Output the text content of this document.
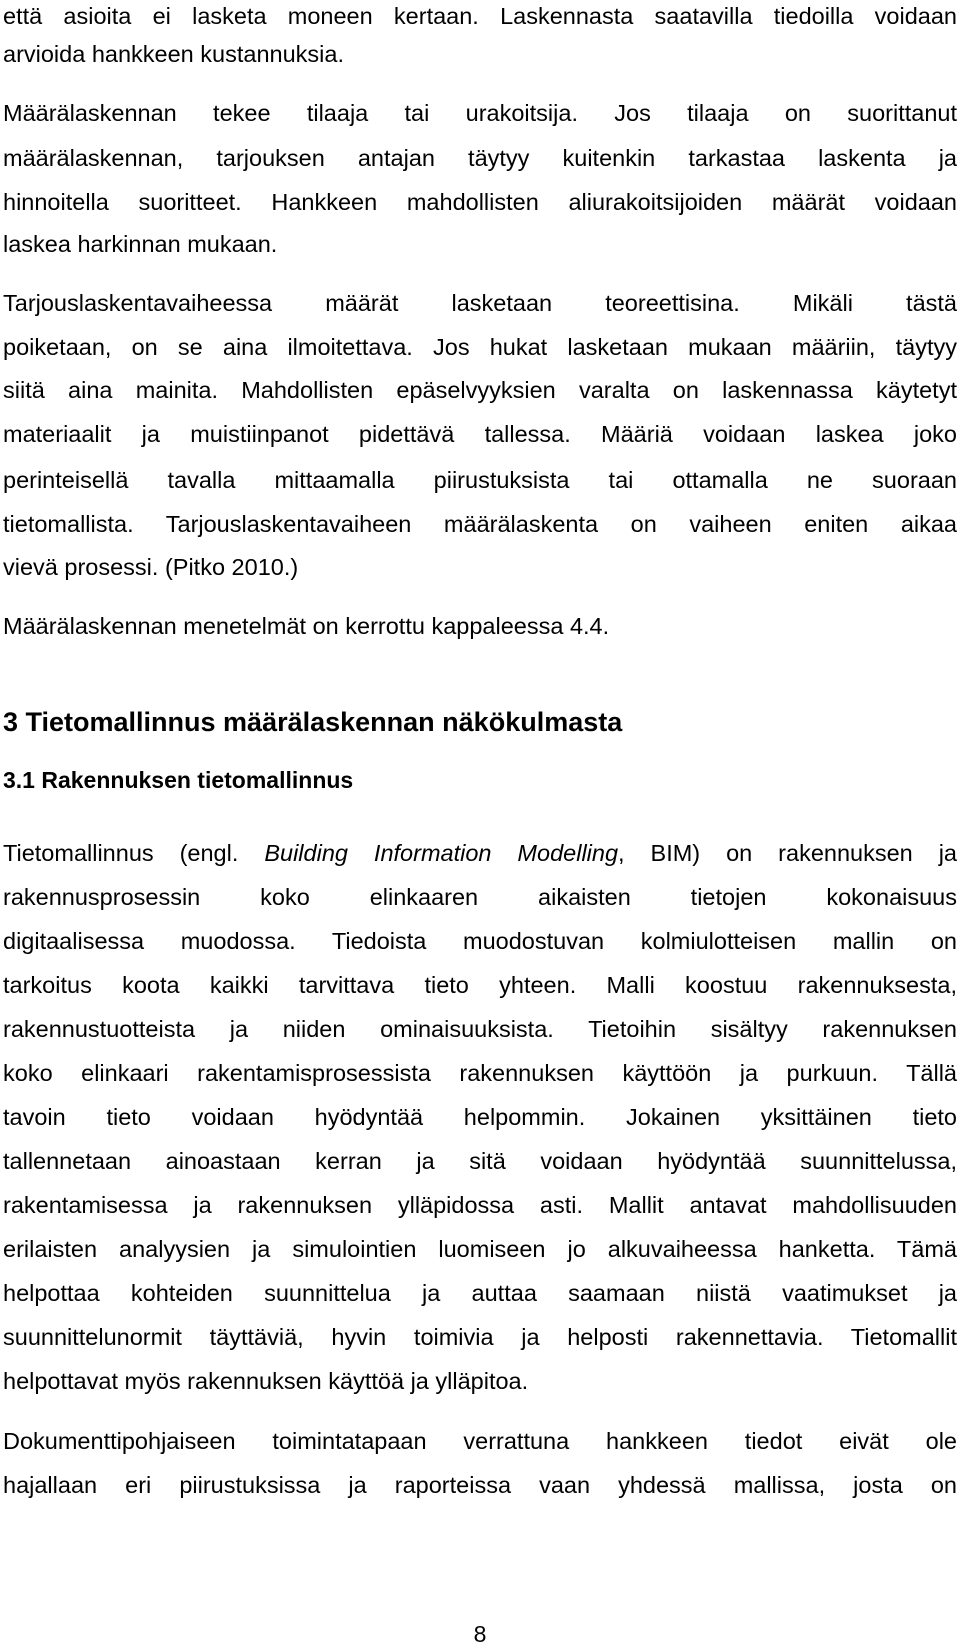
että asioita ei lasketa moneen kertaan. Laskennasta saatavilla tiedoilla voidaan
arvioida hankkeen kustannuksia.
Määrälaskennan tekee tilaaja tai urakoitsija. Jos tilaaja on suorittanut
määrälaskennan, tarjouksen antajan täytyy kuitenkin tarkastaa laskenta ja
hinnoitella suoritteet. Hankkeen mahdollisten aliurakoitsijoiden määrät voidaan
laskea harkinnan mukaan.
Tarjouslaskentavaiheessa määrät lasketaan teoreettisina. Mikäli tästä
poiketaan, on se aina ilmoitettava. Jos hukat lasketaan mukaan määriin, täytyy
siitä aina mainita. Mahdollisten epäselvyyksien varalta on laskennassa käytetyt
materiaalit ja muistiinpanot pidettävä tallessa. Määriä voidaan laskea joko
perinteisellä tavalla mittaamalla piirustuksista tai ottamalla ne suoraan
tietomallista. Tarjouslaskentavaiheen määrälaskenta on vaiheen eniten aikaa
vievä prosessi. (Pitko 2010.)
Määrälaskennan menetelmät on kerrottu kappaleessa 4.4.
3 Tietomallinnus määrälaskennan näkökulmasta
3.1 Rakennuksen tietomallinnus
Tietomallinnus (engl. Building Information Modelling, BIM) on rakennuksen ja
rakennusprosessin koko elinkaaren aikaisten tietojen kokonaisuus
digitaalisessa muodossa. Tiedoista muodostuvan kolmiulotteisen mallin on
tarkoitus koota kaikki tarvittava tieto yhteen. Malli koostuu rakennuksesta,
rakennustuotteista ja niiden ominaisuuksista. Tietoihin sisältyy rakennuksen
koko elinkaari rakentamisprosessista rakennuksen käyttöön ja purkuun. Tällä
tavoin tieto voidaan hyödyntää helpommin. Jokainen yksittäinen tieto
tallennetaan ainoastaan kerran ja sitä voidaan hyödyntää suunnittelussa,
rakentamisessa ja rakennuksen ylläpidossa asti. Mallit antavat mahdollisuuden
erilaisten analyysien ja simulointien luomiseen jo alkuvaiheessa hanketta. Tämä
helpottaa kohteiden suunnittelua ja auttaa saamaan niistä vaatimukset ja
suunnittelunormit täyttäviä, hyvin toimivia ja helposti rakennettavia. Tietomallit
helpottavat myös rakennuksen käyttöä ja ylläpitoa.
Dokumenttipohjaiseen toimintatapaan verrattuna hankkeen tiedot eivät ole
hajallaan eri piirustuksissa ja raporteissa vaan yhdessä mallissa, josta on
8
